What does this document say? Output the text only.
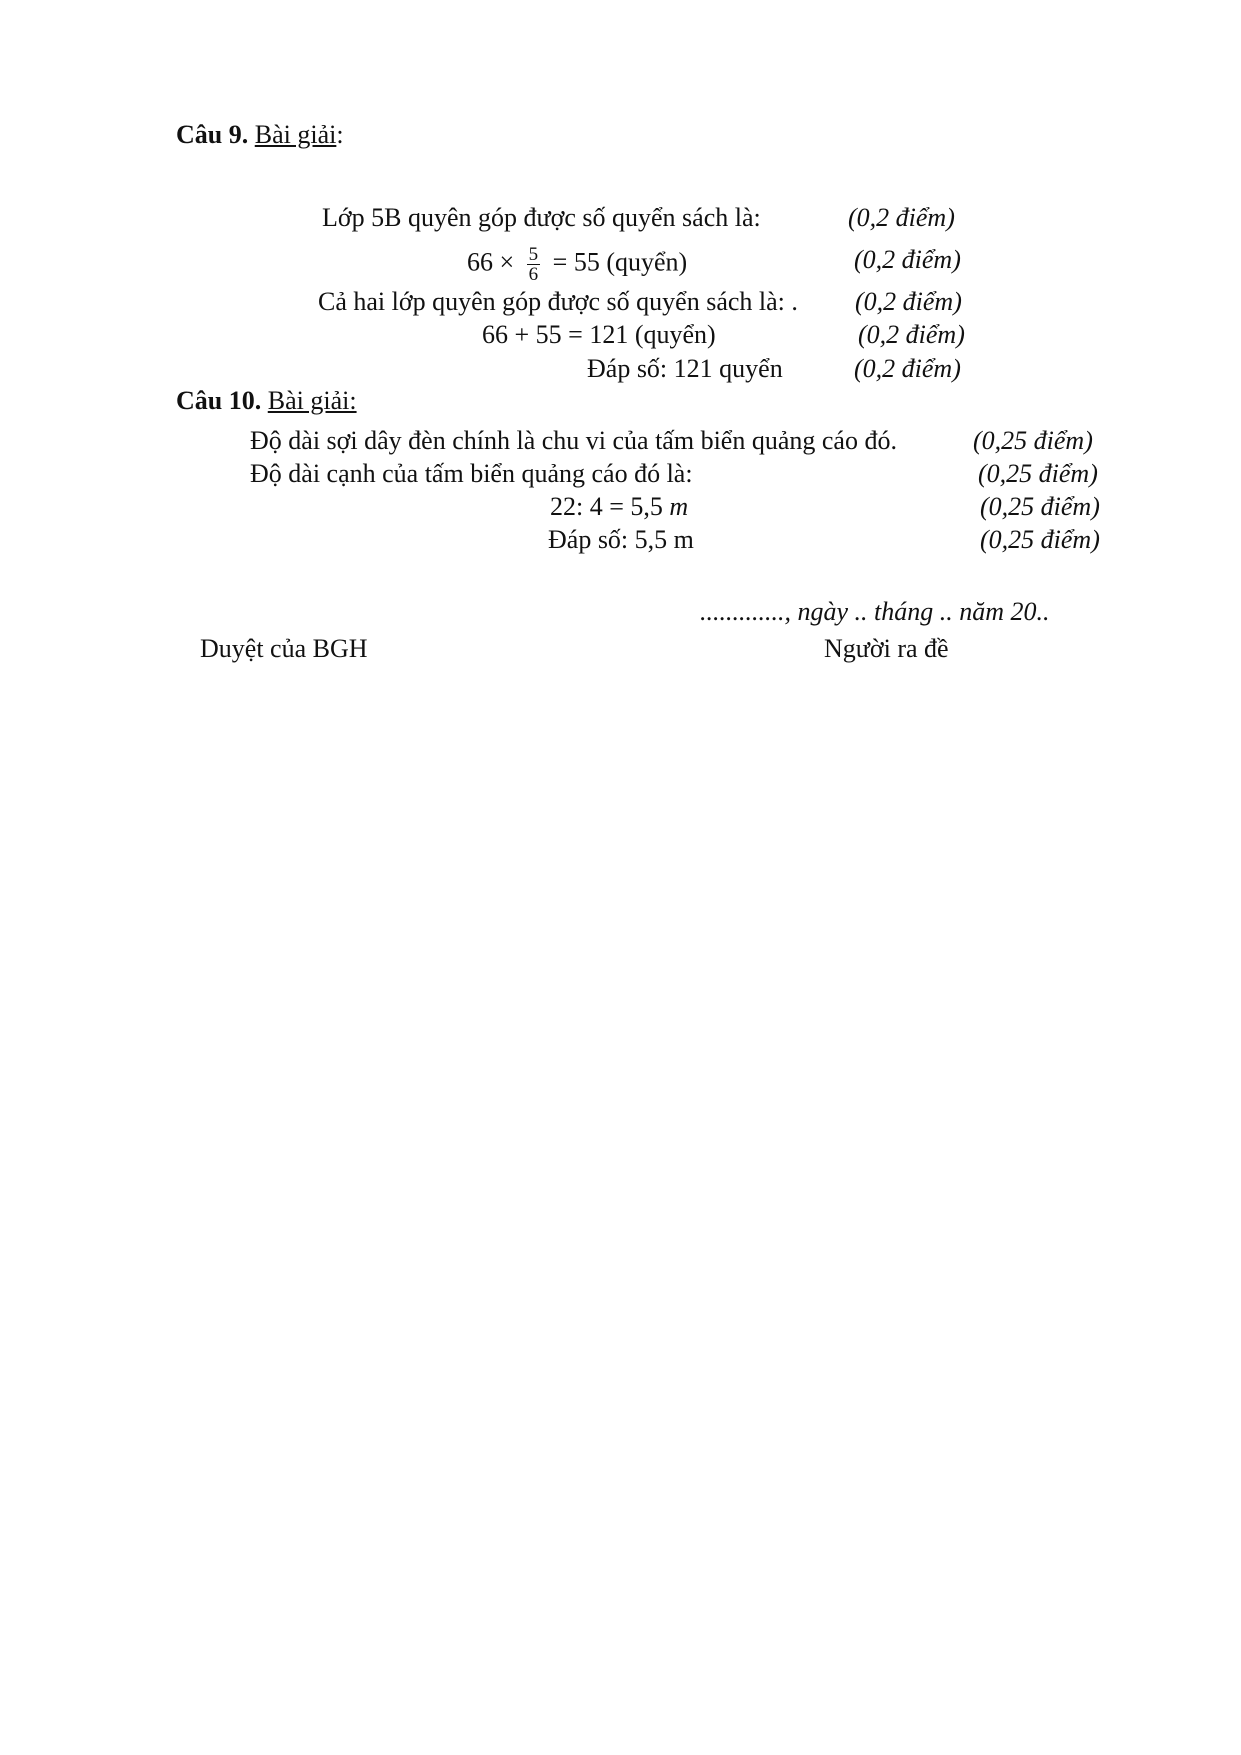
Câu 9. Bài giải:
Lớp 5B quyên góp được số quyển sách là:	(0,2 điểm)
$66 \times \frac{5}{6} = 55$ (quyển)	(0,2 điểm)
Cả hai lớp quyên góp được số quyển sách là: . (0,2 điểm)
66 + 55 = 121 (quyển)	(0,2 điểm)
Đáp số: 121 quyển	(0,2 điểm)
Câu 10. Bài giải:
Độ dài sợi dây đèn chính là chu vi của tấm biển quảng cáo đó.	(0,25 điểm)
Độ dài cạnh của tấm biển quảng cáo đó là:	(0,25 điểm)
22: 4 = 5,5 m	(0,25 điểm)
Đáp số: 5,5 m	(0,25 điểm)
............., ngày .. tháng .. năm 20..
Duyệt của BGH	Người ra đề
